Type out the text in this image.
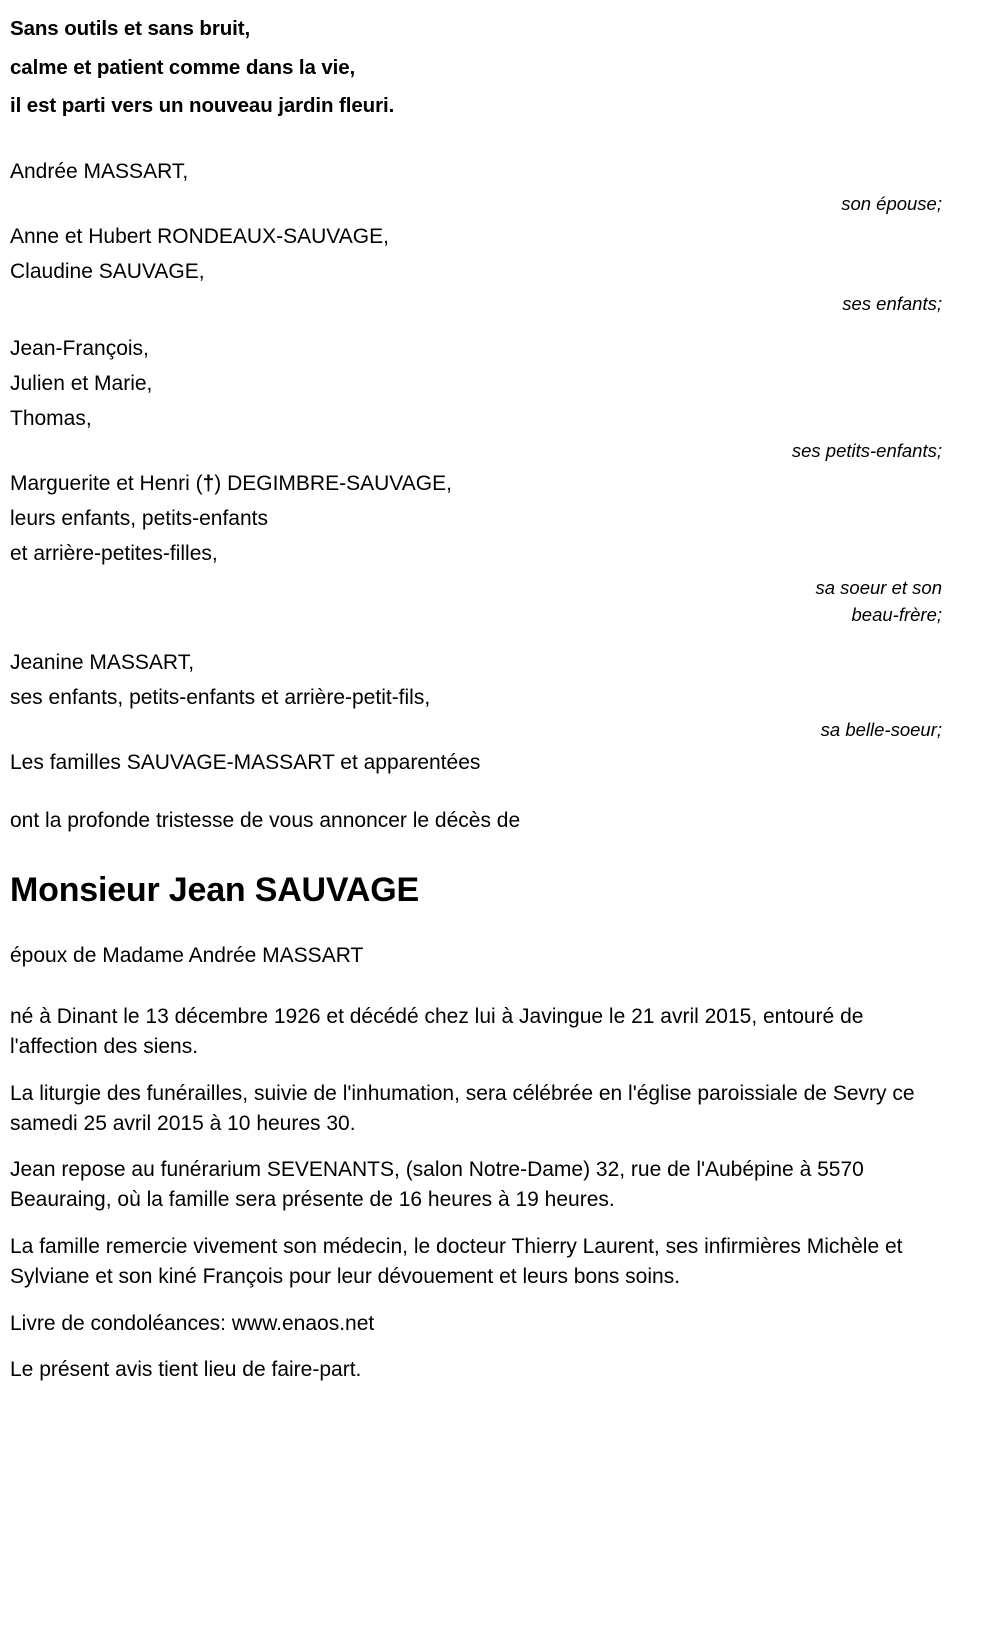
Sans outils et sans bruit,
calme et patient comme dans la vie,
il est parti vers un nouveau jardin fleuri.
Andrée MASSART,
son épouse;
Anne et Hubert RONDEAUX-SAUVAGE,
Claudine SAUVAGE,
ses enfants;
Jean-François,
Julien et Marie,
Thomas,
ses petits-enfants;
Marguerite et Henri (†) DEGIMBRE-SAUVAGE,
leurs enfants, petits-enfants
et arrière-petites-filles,
sa soeur et son
beau-frère;
Jeanine MASSART,
ses enfants, petits-enfants et arrière-petit-fils,
sa belle-soeur;
Les familles SAUVAGE-MASSART et apparentées
ont la profonde tristesse de vous annoncer le décès de
Monsieur Jean SAUVAGE
époux de Madame Andrée MASSART

né à Dinant le 13 décembre 1926 et décédé chez lui à Javingue le 21 avril 2015, entouré de l'affection des siens.

La liturgie des funérailles, suivie de l'inhumation, sera célébrée en l'église paroissiale de Sevry ce samedi 25 avril 2015 à 10 heures 30.

Jean repose au funérarium SEVENANTS, (salon Notre-Dame) 32, rue de l'Aubépine à 5570 Beauraing, où la famille sera présente de 16 heures à 19 heures.

La famille remercie vivement son médecin, le docteur Thierry Laurent, ses infirmières Michèle et Sylviane et son kiné François pour leur dévouement et leurs bons soins.

Livre de condoléances: www.enaos.net

Le présent avis tient lieu de faire-part.
